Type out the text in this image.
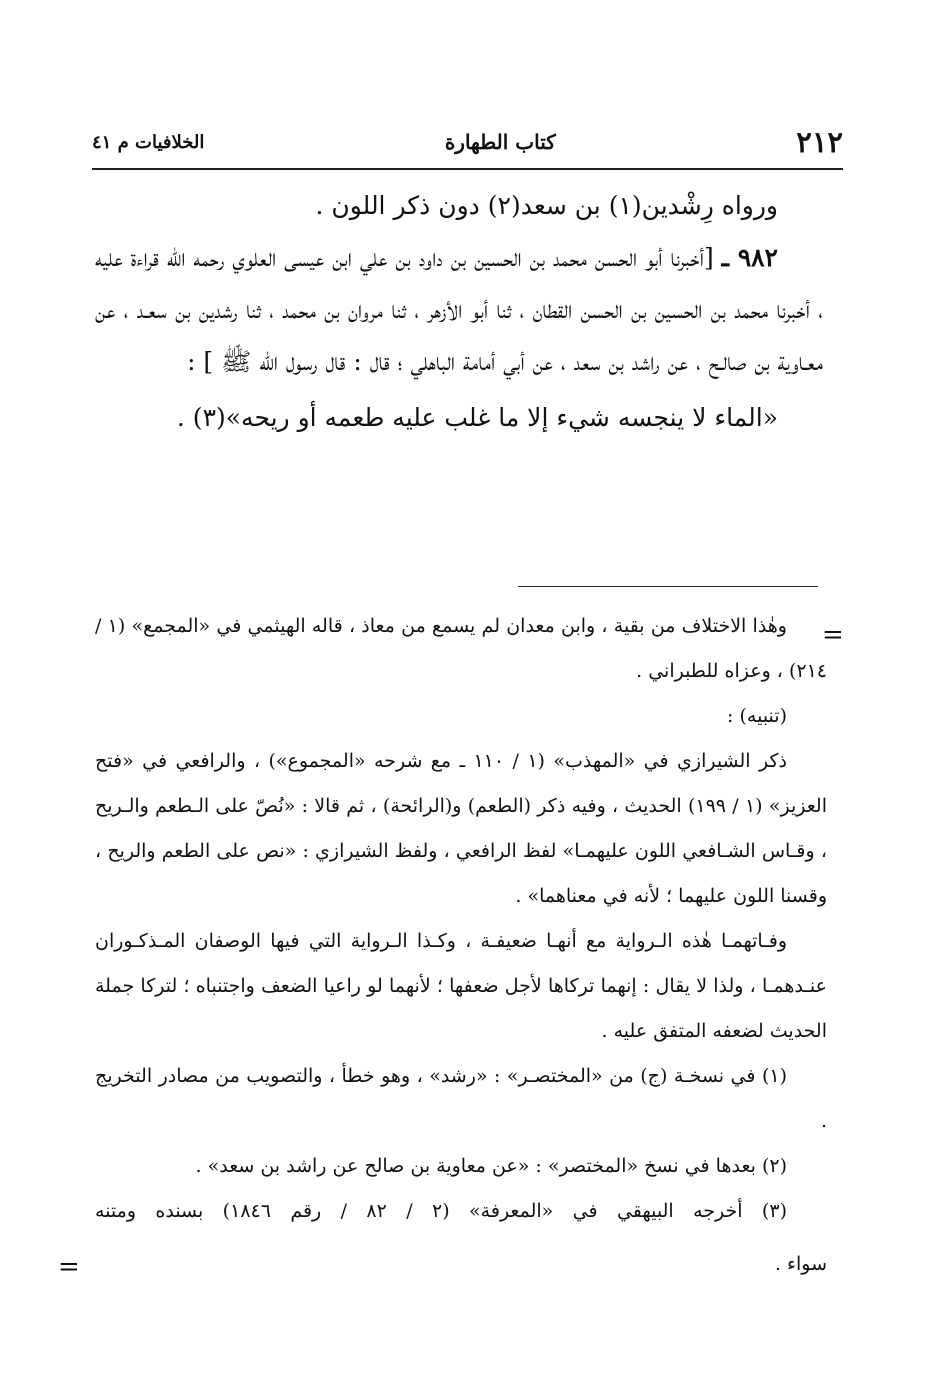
٢١٢
كتاب الطهارة
الخلافيات م ٤١

ورواه رِشْدين(١) بن سعد(٢) دون ذكر اللون .

٩٨٢ ـ [أخبرنا أبو الحسن محمد بن الحسين بن داود بن علي ابن عيسى العلوي رحمه الله قراءة عليه ، أخبرنا محمد بن الحسين بن الحسن القطان ، ثنا أبو الأزهر ، ثنا مروان بن محمد ، ثنا رشدين بن سعـد ، عن معـاوية بن صالـح ، عن راشد بن سعد ، عن أبي أمامة الباهلي ؛ قال : قال رسول الله ﷺ ] :

«الماء لا ينجسه شيء إلا ما غلب عليه طعمه أو ريحه»(٣) .

=

وهٰذا الاختلاف من بقية ، وابن معدان لم يسمع من معاذ ، قاله الهيثمي في «المجمع» (١ / ٢١٤) ، وعزاه للطبراني .

(تنبيه) :

ذكر الشيرازي في «المهذب» (١ / ١١٠ ـ مع شرحه «المجموع») ، والرافعي في «فتح العزيز» (١ / ١٩٩) الحديث ، وفيه ذكر (الطعم) و(الرائحة) ، ثم قالا : «نُصّ على الـطعم والـريح ، وقـاس الشـافعي اللون عليهمـا» لفظ الرافعي ، ولفظ الشيرازي : «نص على الطعم والريح ، وقسنا اللون عليهما ؛ لأنه في معناهما» .

وفـاتهمـا هٰذه الـرواية مع أنهـا ضعيفـة ، وكـذا الـرواية التي فيها الوصفان المـذكـوران عنـدهمـا ، ولذا لا يقال : إنهما تركاها لأجل ضعفها ؛ لأنهما لو راعيا الضعف واجتنباه ؛ لتركا جملة الحديث لضعفه المتفق عليه .

(١) في نسخـة (ج) من «المختصـر» : «رشد» ، وهو خطأ ، والتصويب من مصادر التخريج .

(٢) بعدها في نسخ «المختصر» : «عن معاوية بن صالح عن راشد بن سعد» .

(٣) أخرجه البيهقي في «المعرفة» (٢ / ٨٢ / رقم ١٨٤٦) بسنده ومتنه

سواء .

=
